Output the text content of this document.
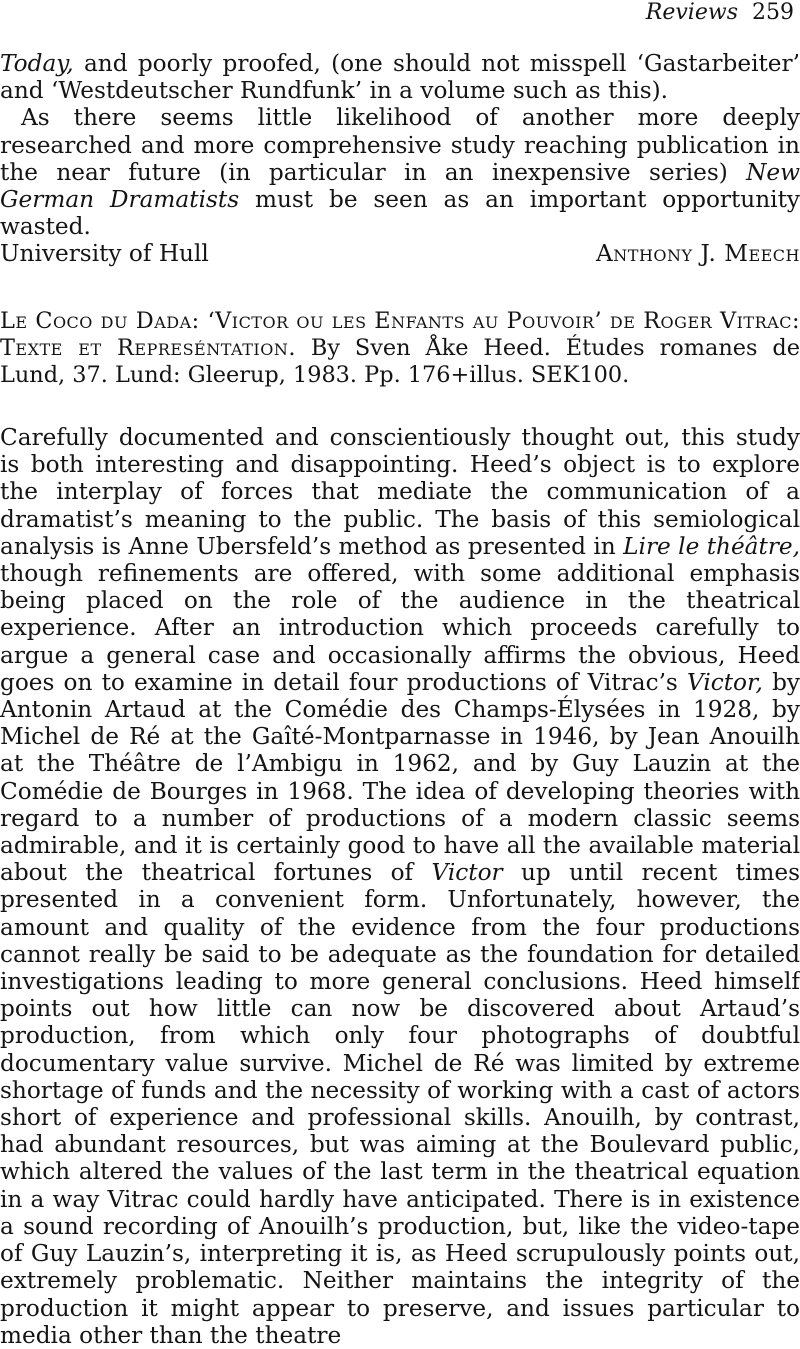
Reviews 259

Today, and poorly proofed, (one should not misspell ‘Gastarbeiter’ and ‘Westdeutscher Rundfunk’ in a volume such as this).

As there seems little likelihood of another more deeply researched and more comprehensive study reaching publication in the near future (in particular in an inexpensive series) New German Dramatists must be seen as an important opportunity wasted.

University of Hull	Anthony J. Meech
Le Coco du Dada: ‘Victor ou les Enfants au Pouvoir’ de Roger Vitrac: Texte et Represéntation. By Sven Åke Heed. Études romanes de Lund, 37. Lund: Gleerup, 1983. Pp. 176+illus. SEK100.

Carefully documented and conscientiously thought out, this study is both interesting and disappointing. Heed’s object is to explore the interplay of forces that mediate the communication of a dramatist’s meaning to the public. The basis of this semiological analysis is Anne Ubersfeld’s method as presented in Lire le théâtre, though refinements are offered, with some additional emphasis being placed on the role of the audience in the theatrical experience. After an introduction which proceeds carefully to argue a general case and occasionally affirms the obvious, Heed goes on to examine in detail four productions of Vitrac’s Victor, by Antonin Artaud at the Comédie des Champs-Élysées in 1928, by Michel de Ré at the Gaîté-Montparnasse in 1946, by Jean Anouilh at the Théâtre de l’Ambigu in 1962, and by Guy Lauzin at the Comédie de Bourges in 1968. The idea of developing theories with regard to a number of productions of a modern classic seems admirable, and it is certainly good to have all the available material about the theatrical fortunes of Victor up until recent times presented in a convenient form. Unfortunately, however, the amount and quality of the evidence from the four productions cannot really be said to be adequate as the foundation for detailed investigations leading to more general conclusions. Heed himself points out how little can now be discovered about Artaud’s production, from which only four photographs of doubtful documentary value survive. Michel de Ré was limited by extreme shortage of funds and the necessity of working with a cast of actors short of experience and professional skills. Anouilh, by contrast, had abundant resources, but was aiming at the Boulevard public, which altered the values of the last term in the theatrical equation in a way Vitrac could hardly have anticipated. There is in existence a sound recording of Anouilh’s production, but, like the video-tape of Guy Lauzin’s, interpreting it is, as Heed scrupulously points out, extremely problematic. Neither maintains the integrity of the production it might appear to preserve, and issues particular to media other than the theatre
